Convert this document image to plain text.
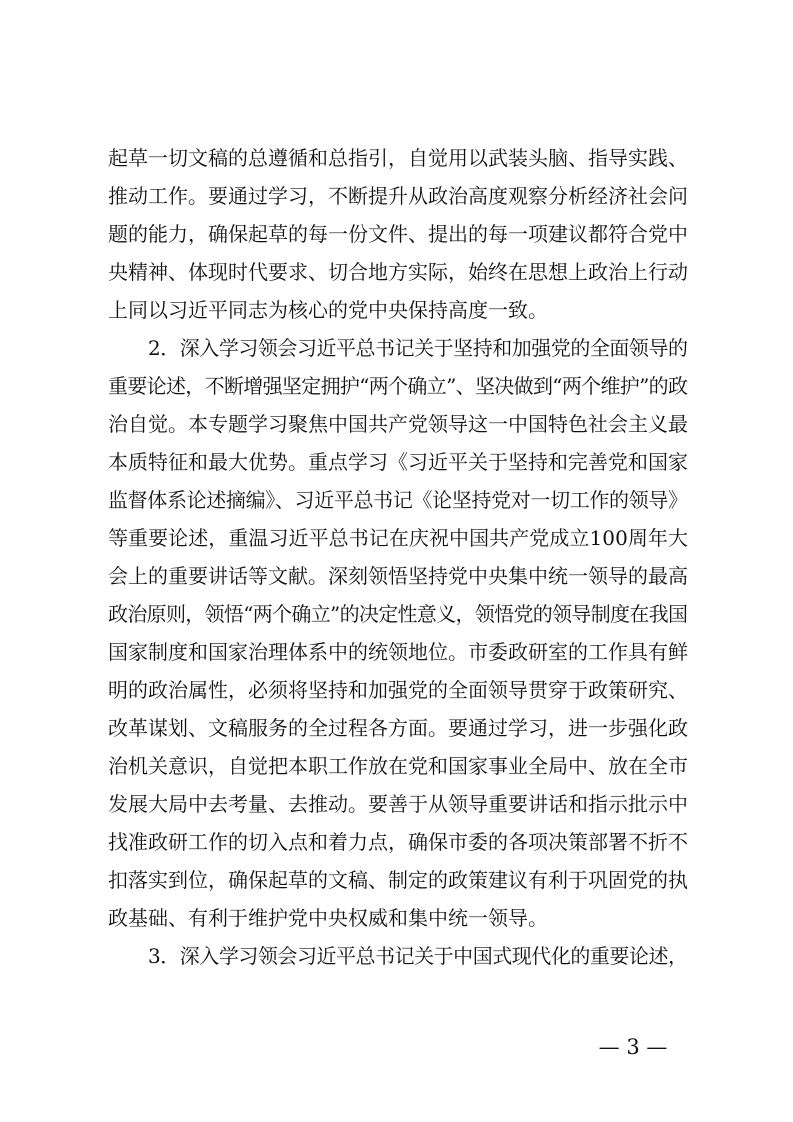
起草一切文稿的总遵循和总指引，自觉用以武装头脑、指导实践、
推动工作。要通过学习，不断提升从政治高度观察分析经济社会问
题的能力，确保起草的每一份文件、提出的每一项建议都符合党中
央精神、体现时代要求、切合地方实际，始终在思想上政治上行动
上同以习近平同志为核心的党中央保持高度一致。
2．深入学习领会习近平总书记关于坚持和加强党的全面领导的
重要论述，不断增强坚定拥护“两个确立”、坚决做到“两个维护”的政
治自觉。本专题学习聚焦中国共产党领导这一中国特色社会主义最
本质特征和最大优势。重点学习《习近平关于坚持和完善党和国家
监督体系论述摘编》、习近平总书记《论坚持党对一切工作的领导》
等重要论述，重温习近平总书记在庆祝中国共产党成立100周年大
会上的重要讲话等文献。深刻领悟坚持党中央集中统一领导的最高
政治原则，领悟“两个确立”的决定性意义，领悟党的领导制度在我国
国家制度和国家治理体系中的统领地位。市委政研室的工作具有鲜
明的政治属性，必须将坚持和加强党的全面领导贯穿于政策研究、
改革谋划、文稿服务的全过程各方面。要通过学习，进一步强化政
治机关意识，自觉把本职工作放在党和国家事业全局中、放在全市
发展大局中去考量、去推动。要善于从领导重要讲话和指示批示中
找准政研工作的切入点和着力点，确保市委的各项决策部署不折不
扣落实到位，确保起草的文稿、制定的政策建议有利于巩固党的执
政基础、有利于维护党中央权威和集中统一领导。
3．深入学习领会习近平总书记关于中国式现代化的重要论述，
— 3 —
